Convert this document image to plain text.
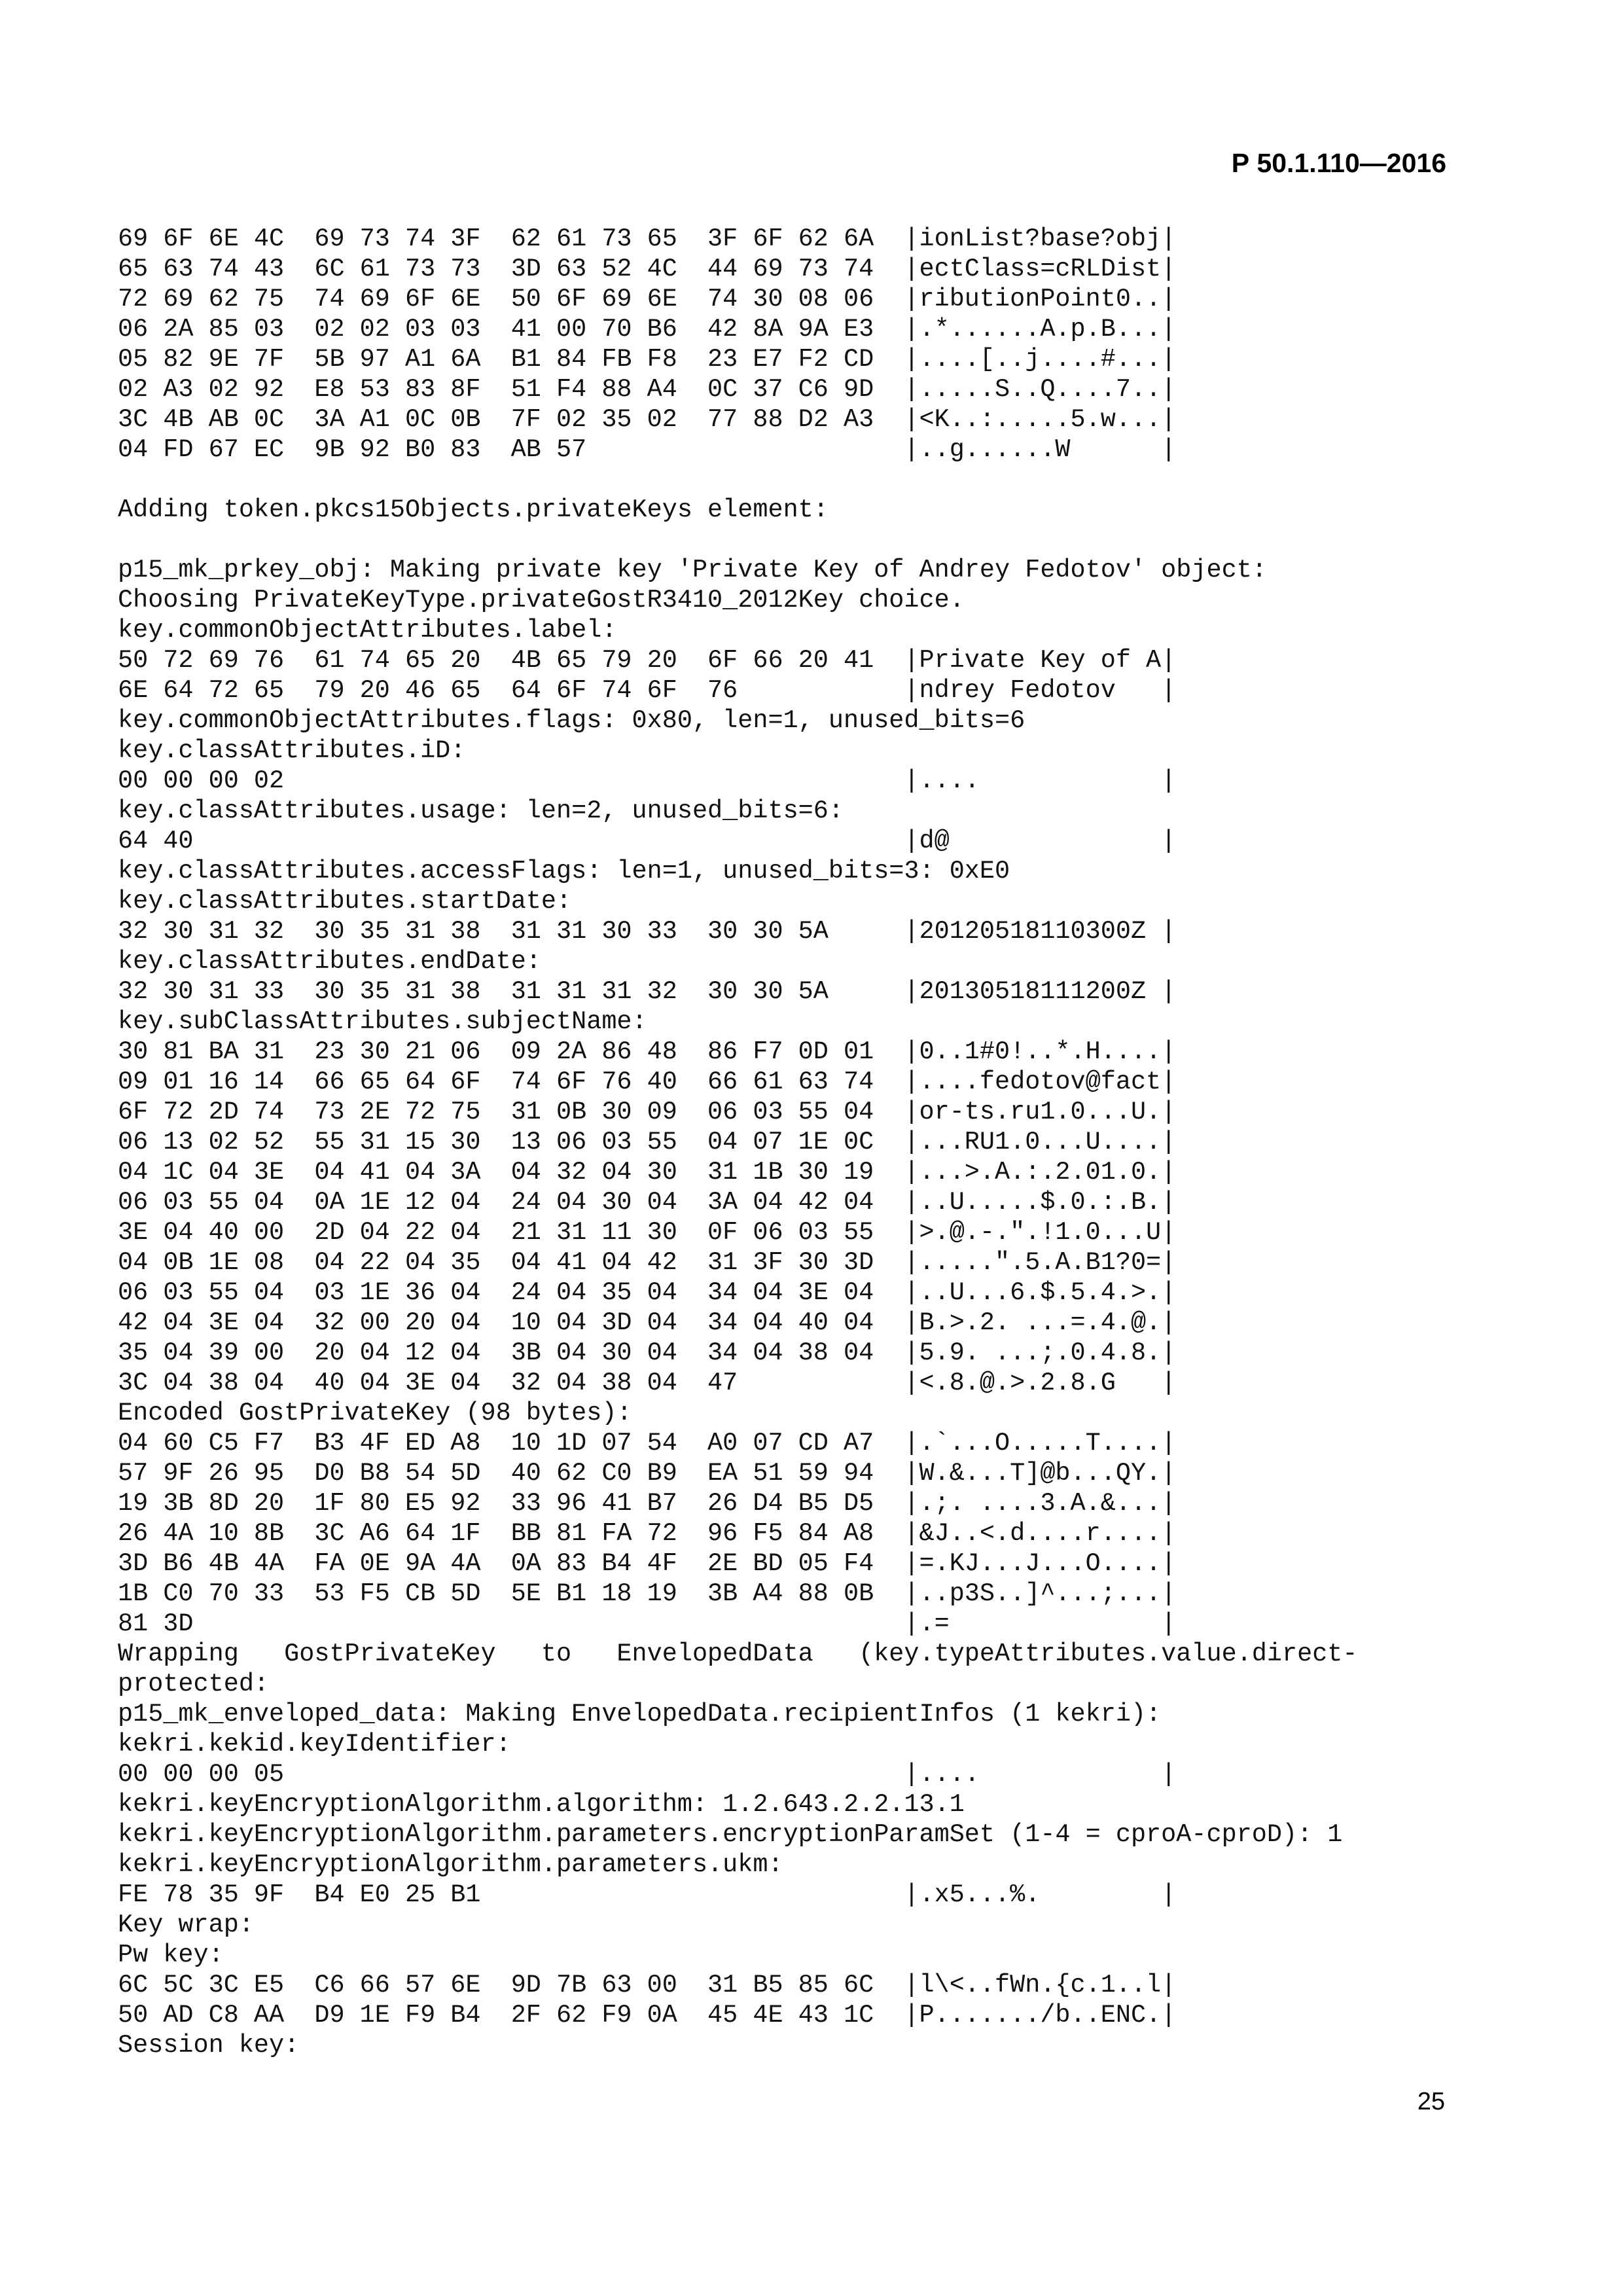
Р 50.1.110—2016
69 6F 6E 4C  69 73 74 3F  62 61 73 65  3F 6F 62 6A  |ionList?base?obj|
65 63 74 43  6C 61 73 73  3D 63 52 4C  44 69 73 74  |ectClass=cRLDist|
72 69 62 75  74 69 6F 6E  50 6F 69 6E  74 30 08 06  |ributionPoint0..|
06 2A 85 03  02 02 03 03  41 00 70 B6  42 8A 9A E3  |.*......A.p.B...|
05 82 9E 7F  5B 97 A1 6A  B1 84 FB F8  23 E7 F2 CD  |....[..j....#...|
02 A3 02 92  E8 53 83 8F  51 F4 88 A4  0C 37 C6 9D  |.....S..Q....7..|
3C 4B AB 0C  3A A1 0C 0B  7F 02 35 02  77 88 D2 A3  |<K..:.....5.w...|
04 FD 67 EC  9B 92 B0 83  AB 57                     |..g......W      |
Adding token.pkcs15Objects.privateKeys element:
p15_mk_prkey_obj: Making private key 'Private Key of Andrey Fedotov' object:
Choosing PrivateKeyType.privateGostR3410_2012Key choice.
key.commonObjectAttributes.label:
50 72 69 76  61 74 65 20  4B 65 79 20  6F 66 20 41  |Private Key of A|
6E 64 72 65  79 20 46 65  64 6F 74 6F  76           |ndrey Fedotov   |
key.commonObjectAttributes.flags: 0x80, len=1, unused_bits=6
key.classAttributes.iD:
00 00 00 02                                         |....            |
key.classAttributes.usage: len=2, unused_bits=6:
64 40                                               |d@              |
key.classAttributes.accessFlags: len=1, unused_bits=3: 0xE0
key.classAttributes.startDate:
32 30 31 32  30 35 31 38  31 31 30 33  30 30 5A     |20120518110300Z |
key.classAttributes.endDate:
32 30 31 33  30 35 31 38  31 31 31 32  30 30 5A     |20130518111200Z |
key.subClassAttributes.subjectName:
30 81 BA 31  23 30 21 06  09 2A 86 48  86 F7 0D 01  |0..1#0!..*.H....|
09 01 16 14  66 65 64 6F  74 6F 76 40  66 61 63 74  |....fedotov@fact|
6F 72 2D 74  73 2E 72 75  31 0B 30 09  06 03 55 04  |or-ts.ru1.0...U.|
06 13 02 52  55 31 15 30  13 06 03 55  04 07 1E 0C  |...RU1.0...U....|
04 1C 04 3E  04 41 04 3A  04 32 04 30  31 1B 30 19  |...>.A.:.2.01.0.|
06 03 55 04  0A 1E 12 04  24 04 30 04  3A 04 42 04  |..U.....$.0.:.B.|
3E 04 40 00  2D 04 22 04  21 31 11 30  0F 06 03 55  |>.@.-.".!1.0...U|
04 0B 1E 08  04 22 04 35  04 41 04 42  31 3F 30 3D  |.....".5.A.B1?0=|
06 03 55 04  03 1E 36 04  24 04 35 04  34 04 3E 04  |..U...6.$.5.4.>.|
42 04 3E 04  32 00 20 04  10 04 3D 04  34 04 40 04  |B.>.2. ...=.4.@.|
35 04 39 00  20 04 12 04  3B 04 30 04  34 04 38 04  |5.9. ...;.0.4.8.|
3C 04 38 04  40 04 3E 04  32 04 38 04  47           |<.8.@.>.2.8.G   |
Encoded GostPrivateKey (98 bytes):
04 60 C5 F7  B3 4F ED A8  10 1D 07 54  A0 07 CD A7  |.`...O.....T....|
57 9F 26 95  D0 B8 54 5D  40 62 C0 B9  EA 51 59 94  |W.&...T]@b...QY.|
19 3B 8D 20  1F 80 E5 92  33 96 41 B7  26 D4 B5 D5  |.;. ....3.A.&...|
26 4A 10 8B  3C A6 64 1F  BB 81 FA 72  96 F5 84 A8  |&J..<.d....r....|
3D B6 4B 4A  FA 0E 9A 4A  0A 83 B4 4F  2E BD 05 F4  |=.KJ...J...O....|
1B C0 70 33  53 F5 CB 5D  5E B1 18 19  3B A4 88 0B  |..p3S..]^...;...|
81 3D                                               |.=              |
Wrapping   GostPrivateKey   to   EnvelopedData   (key.typeAttributes.value.direct-
protected:
p15_mk_enveloped_data: Making EnvelopedData.recipientInfos (1 kekri):
kekri.kekid.keyIdentifier:
00 00 00 05                                         |....            |
kekri.keyEncryptionAlgorithm.algorithm: 1.2.643.2.2.13.1
kekri.keyEncryptionAlgorithm.parameters.encryptionParamSet (1-4 = cproA-cproD): 1
kekri.keyEncryptionAlgorithm.parameters.ukm:
FE 78 35 9F  B4 E0 25 B1                            |.x5...%.        |
Key wrap:
Pw key:
6C 5C 3C E5  C6 66 57 6E  9D 7B 63 00  31 B5 85 6C  |l\<..fWn.{c.1..l|
50 AD C8 AA  D9 1E F9 B4  2F 62 F9 0A  45 4E 43 1C  |P......./b..ENC.|
Session key:
25
